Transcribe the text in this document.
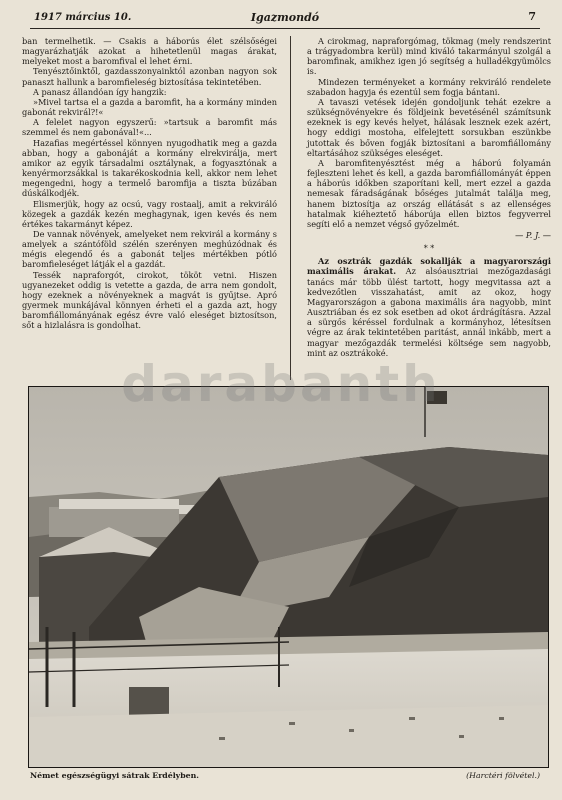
1917 március 10.	Igazmondó	7

ban termelhetik. — Csakis a háborús élet szélsőségei magyarázhatják azokat a hihetetlenül magas árakat, melyeket most a baromfival el lehet érni.

Tenyésztőinktől, gazdasszonyainktól azonban nagyon sok panaszt hallunk a baromfieleség biztosítása tekintetében.

A panasz állandóan így hangzik:

»Mivel tartsa el a gazda a baromfit, ha a kormány minden gabonát rekvirál?!«

A felelet nagyon egyszerű: »tartsuk a baromfit más szemmel és nem gabonával!«...

Hazafias megértéssel könnyen nyugodhatik meg a gazda abban, hogy a gabonáját a kormány elrekvirálja, mert amikor az egyik társadalmi osztálynak, a fogyasztónak a kenyérmorzsákkal is takarékoskodnia kell, akkor nem lehet megengedni, hogy a termelő baromfija a tiszta búzában dúskálkodjék.

Elismerjük, hogy az ocsú, vagy rostaalj, amit a rekviráló közegek a gazdák kezén meghagynak, igen kevés és nem értékes takarmányt képez.

De vannak növények, amelyeket nem rekvirál a kormány s amelyek a szántóföld szélén szerényen meghúzódnak és mégis elegendő és a gabonát teljes mértékben pótló baromfieleséget látják el a gazdát.

Tessék napraforgót, cirokot, tököt vetni. Hiszen ugyanezeket oddig is vetette a gazda, de arra nem gondolt, hogy ezeknek a növényeknek a magvát is gyűjtse. Apró gyermek munkájával könnyen érheti el a gazda azt, hogy baromfiállományának egész évre való eleséget biztosítson, sőt a hizlalásra is gondolhat.

A cirokmag, napraforgómag, tökmag (mely rendszerint a trágyadombra kerül) mind kiváló takarmányul szolgál a baromfinak, amikhez igen jó segítség a hulladékgyümölcs is.

Mindezen terményeket a kormány rekviráló rendelete szabadon hagyja és ezentúl sem fogja bántani.

A tavaszi vetések idején gondoljunk tehát ezekre a szükségnövényekre és földjeink bevetésénél számítsunk ezeknek is egy kevés helyet, hálásak lesznek ezek azért, hogy eddigi mostoha, elfelejtett sorsukban eszünkbe jutottak és bőven fogják biztosítani a baromfiállomány eltartásához szükséges eleséget.

A baromfitenyésztést még a háború folyamán fejleszteni lehet és kell, a gazda baromfiállományát éppen a háborús időkben szaporítani kell, mert ezzel a gazda nemesak fáradságának bőséges jutalmát találja meg, hanem biztosítja az ország ellátását s az ellenséges hatalmak kiéheztető háborúja ellen biztos fegyverrel segíti elő a nemzet végső győzelmét.

— P. J. —
* *

Az osztrák gazdák sokallják a magyarországi maximális árakat. Az alsóausztriai mezőgazdasági tanács már több ülést tartott, hogy megvitassa azt a kedvezőtlen visszahatást, amit az okoz, hogy Magyarországon a gabona maximális ára nagyobb, mint Ausztriában és ez sok esetben ad okot árdrágításra. Azzal a sürgős kéréssel fordulnak a kormányhoz, létesítsen végre az árak tekintetében paritást, annál inkább, mert a magyar mezőgazdák termelési költsége sem nagyobb, mint az osztrákoké.

Német egészségügyi sátrak Erdélyben.	(Harctéri fölvétel.)
darabanth
